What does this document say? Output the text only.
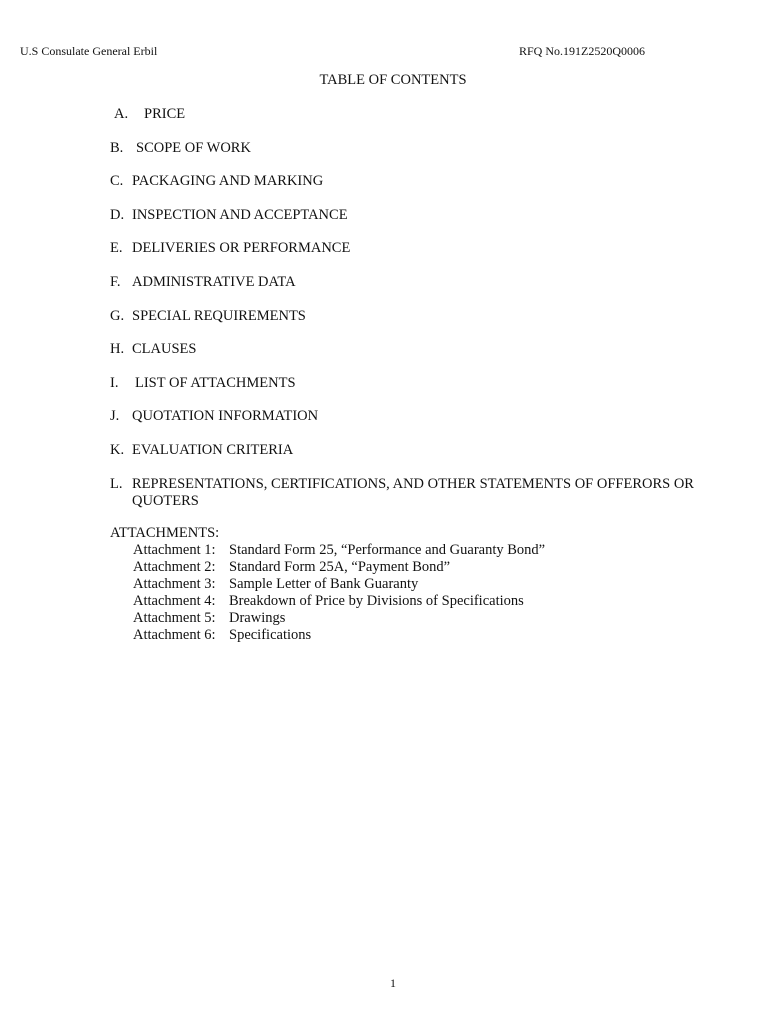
U.S Consulate General Erbil	RFQ No.191Z2520Q0006
TABLE OF CONTENTS
A.	PRICE
B. SCOPE OF WORK
C. PACKAGING AND MARKING
D. INSPECTION AND ACCEPTANCE
E. DELIVERIES OR PERFORMANCE
F. ADMINISTRATIVE DATA
G. SPECIAL REQUIREMENTS
H. CLAUSES
I.	LIST OF ATTACHMENTS
J. QUOTATION INFORMATION
K. EVALUATION CRITERIA
L. REPRESENTATIONS, CERTIFICATIONS, AND OTHER STATEMENTS OF OFFERORS OR QUOTERS
ATTACHMENTS:
Attachment 1: Standard Form 25, “Performance and Guaranty Bond”
Attachment 2: Standard Form 25A, “Payment Bond”
Attachment 3: Sample Letter of Bank Guaranty
Attachment 4: Breakdown of Price by Divisions of Specifications
Attachment 5: Drawings
Attachment 6: Specifications
1
